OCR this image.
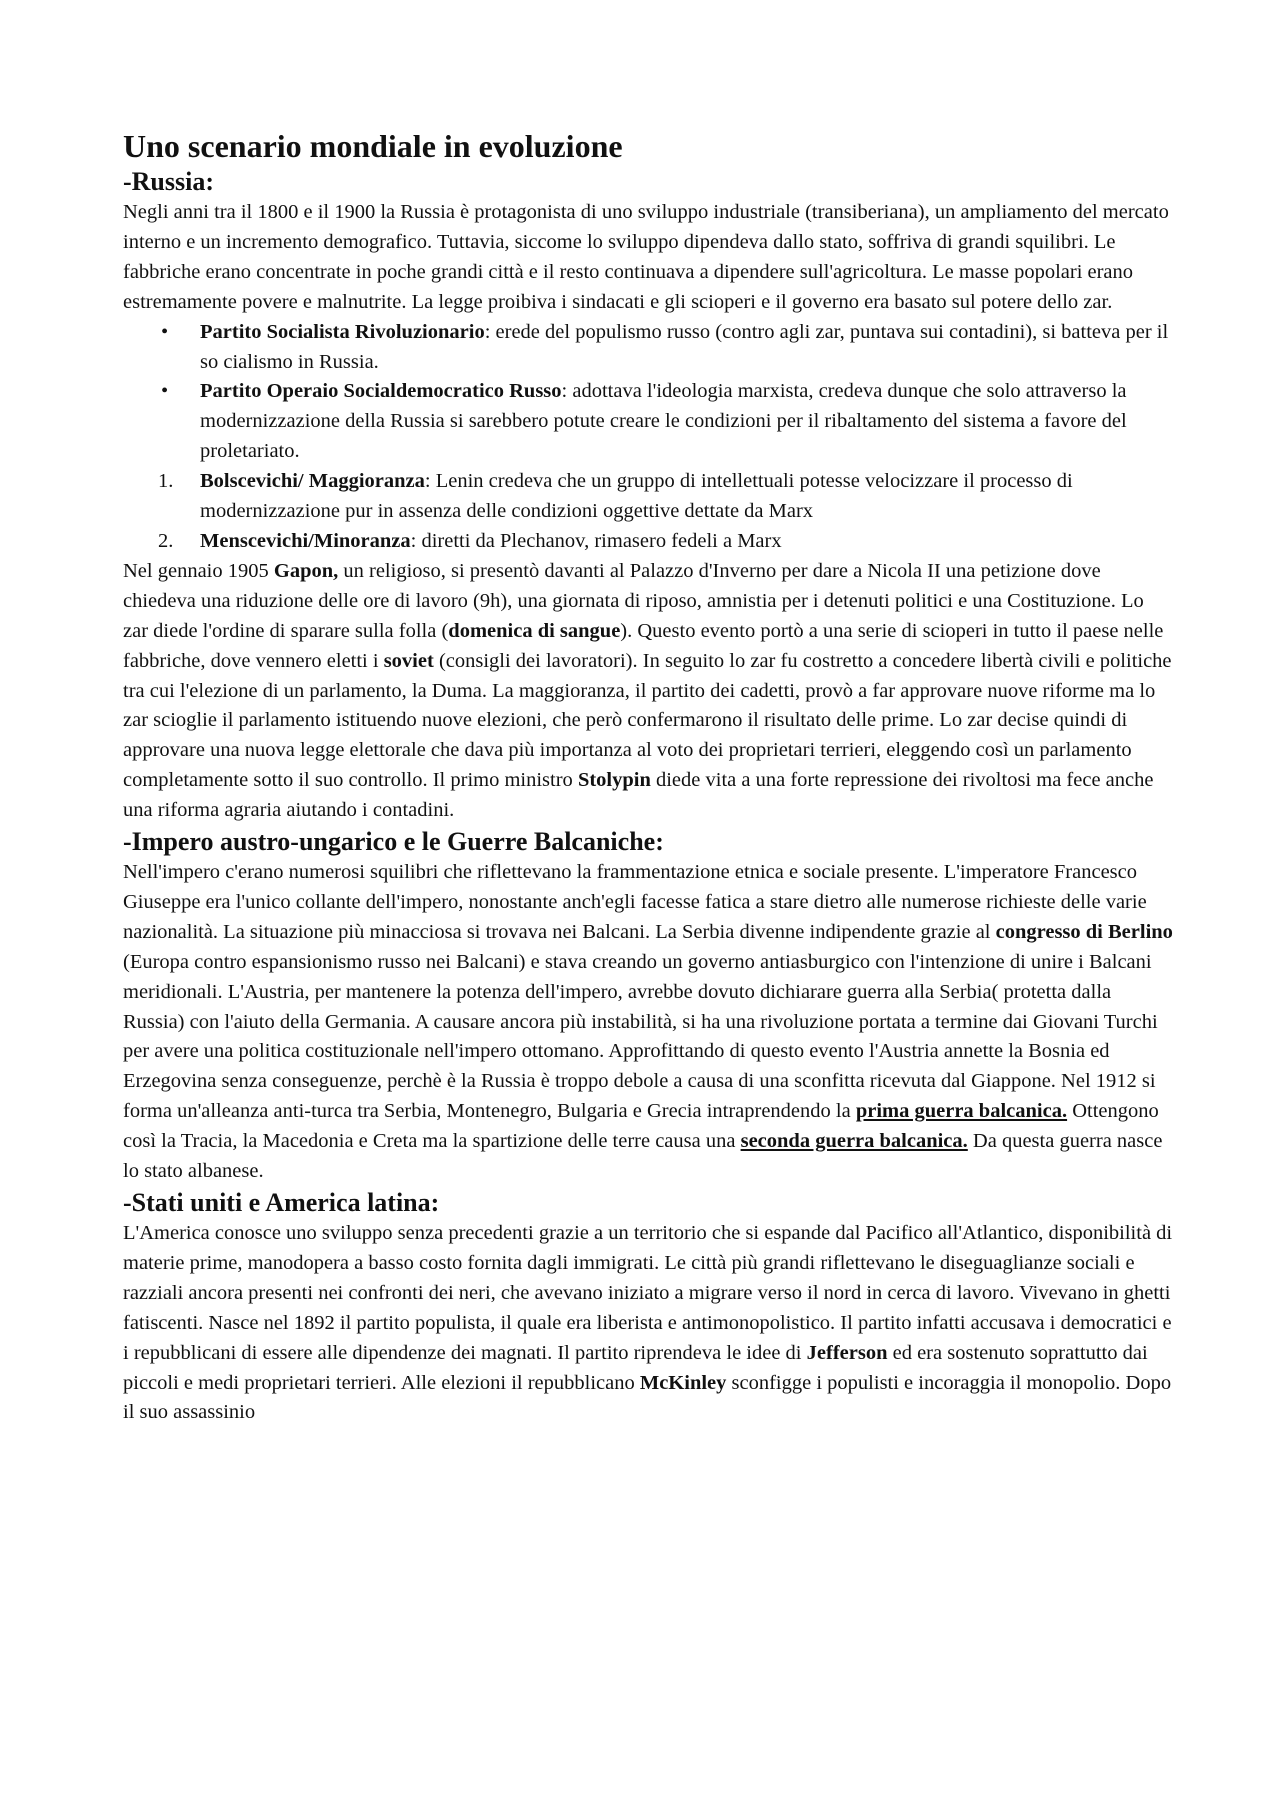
Uno scenario mondiale in evoluzione
-Russia:

Negli anni tra il 1800 e il 1900 la Russia è protagonista di uno sviluppo industriale (transiberiana), un ampliamento del mercato interno e un incremento demografico. Tuttavia, siccome lo sviluppo dipendeva dallo stato, soffriva di grandi squilibri. Le fabbriche erano concentrate in poche grandi città e il resto continuava a dipendere sull'agricoltura. Le masse popolari erano estremamente povere e malnutrite. La legge proibiva i sindacati e gli scioperi e il governo era basato sul potere dello zar.

• Partito Socialista Rivoluzionario: erede del populismo russo (contro agli zar, puntava sui contadini), si batteva per il so cialismo in Russia.
• Partito Operaio Socialdemocratico Russo: adottava l'ideologia marxista, credeva dunque che solo attraverso la modernizzazione della Russia si sarebbero potute creare le condizioni per il ribaltamento del sistema a favore del proletariato.
1. Bolscevichi/ Maggioranza: Lenin credeva che un gruppo di intellettuali potesse velocizzare il processo di modernizzazione pur in assenza delle condizioni oggettive dettate da Marx
2. Menscevichi/Minoranza: diretti da Plechanov, rimasero fedeli a Marx

Nel gennaio 1905 Gapon, un religioso, si presentò davanti al Palazzo d'Inverno per dare a Nicola II una petizione dove chiedeva una riduzione delle ore di lavoro (9h), una giornata di riposo, amnistia per i detenuti politici e una Costituzione. Lo zar diede l'ordine di sparare sulla folla (domenica di sangue). Questo evento portò a una serie di scioperi in tutto il paese nelle fabbriche, dove vennero eletti i soviet (consigli dei lavoratori). In seguito lo zar fu costretto a concedere libertà civili e politiche tra cui l'elezione di un parlamento, la Duma. La maggioranza, il partito dei cadetti, provò a far approvare nuove riforme ma lo zar scioglie il parlamento istituendo nuove elezioni, che però confermarono il risultato delle prime. Lo zar decise quindi di approvare una nuova legge elettorale che dava più importanza al voto dei proprietari terrieri, eleggendo così un parlamento completamente sotto il suo controllo. Il primo ministro Stolypin diede vita a una forte repressione dei rivoltosi ma fece anche una riforma agraria aiutando i contadini.

-Impero austro-ungarico e le Guerre Balcaniche:

Nell'impero c'erano numerosi squilibri che riflettevano la frammentazione etnica e sociale presente. L'imperatore Francesco Giuseppe era l'unico collante dell'impero, nonostante anch'egli facesse fatica a stare dietro alle numerose richieste delle varie nazionalità. La situazione più minacciosa si trovava nei Balcani. La Serbia divenne indipendente grazie al congresso di Berlino (Europa contro espansionismo russo nei Balcani) e stava creando un governo antiasburgico con l'intenzione di unire i Balcani meridionali. L'Austria, per mantenere la potenza dell'impero, avrebbe dovuto dichiarare guerra alla Serbia( protetta dalla Russia) con l'aiuto della Germania. A causare ancora più instabilità, si ha una rivoluzione portata a termine dai Giovani Turchi per avere una politica costituzionale nell'impero ottomano. Approfittando di questo evento l'Austria annette la Bosnia ed Erzegovina senza conseguenze, perchè è la Russia è troppo debole a causa di una sconfitta ricevuta dal Giappone. Nel 1912 si forma un'alleanza anti-turca tra Serbia, Montenegro, Bulgaria e Grecia intraprendendo la prima guerra balcanica. Ottengono così la Tracia, la Macedonia e Creta ma la spartizione delle terre causa una seconda guerra balcanica. Da questa guerra nasce lo stato albanese.

-Stati uniti e America latina:

L'America conosce uno sviluppo senza precedenti grazie a un territorio che si espande dal Pacifico all'Atlantico, disponibilità di materie prime, manodopera a basso costo fornita dagli immigrati. Le città più grandi riflettevano le diseguaglianze sociali e razziali ancora presenti nei confronti dei neri, che avevano iniziato a migrare verso il nord in cerca di lavoro. Vivevano in ghetti fatiscenti. Nasce nel 1892 il partito populista, il quale era liberista e antimonopolistico. Il partito infatti accusava i democratici e i repubblicani di essere alle dipendenze dei magnati. Il partito riprendeva le idee di Jefferson ed era sostenuto soprattutto dai piccoli e medi proprietari terrieri. Alle elezioni il repubblicano McKinley sconfigge i populisti e incoraggia il monopolio. Dopo il suo assassinio
